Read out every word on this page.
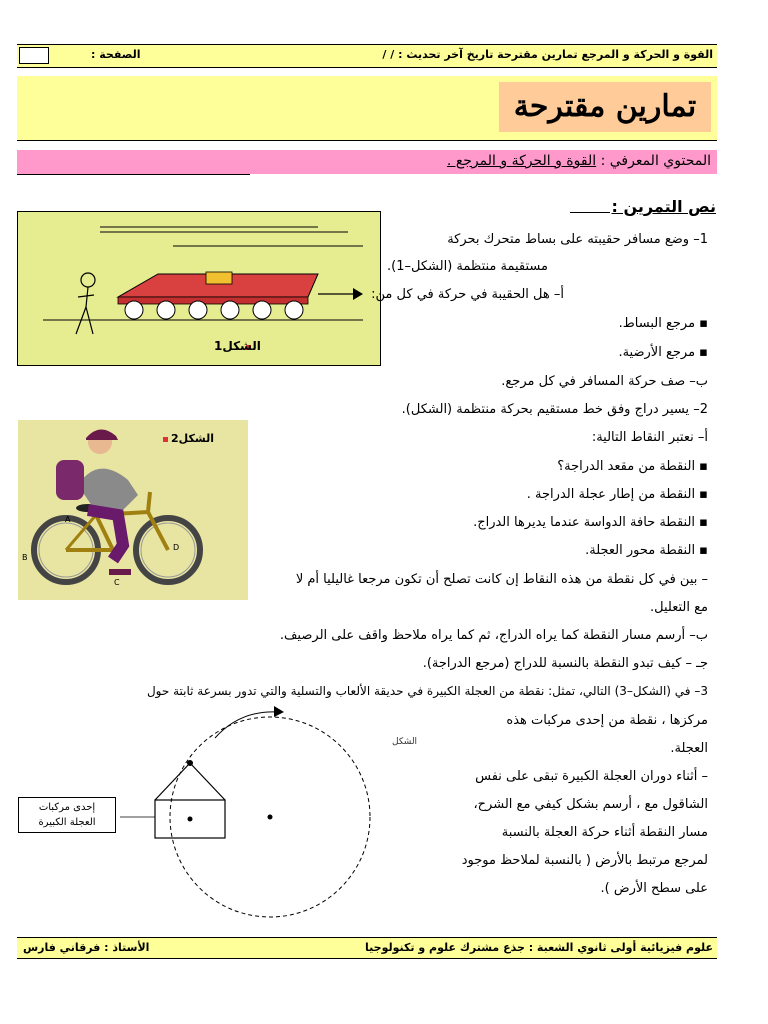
القوة و الحركة و المرجع تمارين مقترحة تاريخ آخر تحديث : / /
الصفحة :
تمارين مقترحة
المحتوي المعرفي : القوة و الحركة و المرجع .
نص التمرين :
الشكل1
الشكل2
A
B
C
D
1– وضع مسافر حقيبته على بساط متحرك بحركة
مستقيمة منتظمة (الشكل–1).
أ– هل الحقيبة في حركة في كل من:
▪ مرجع البساط.
▪ مرجع الأرضية.
ب– صف حركة المسافر في كل مرجع.
2– يسير دراج وفق خط مستقيم بحركة منتظمة (الشكل).
أ– نعتبر النقاط التالية:
▪ النقطة من مقعد الدراجة؟
▪ النقطة من إطار عجلة الدراجة .
▪ النقطة حافة الدواسة عندما يديرها الدراج.
▪ النقطة محور العجلة.
– بين في كل نقطة من هذه النقاط إن كانت تصلح أن تكون مرجعا غاليليا أم لا
مع التعليل.
ب– أرسم مسار النقطة كما يراه الدراج، ثم كما يراه ملاحظ واقف على الرصيف.
جـ – كيف تبدو النقطة بالنسبة للدراج (مرجع الدراجة).
3– في (الشكل–3) التالي، تمثل: نقطة من العجلة الكبيرة في حديقة الألعاب والتسلية والتي تدور بسرعة ثابتة حول
مركزها ، نقطة من إحدى مركبات هذه
العجلة.
– أثناء دوران العجلة الكبيرة تبقى على نفس
الشاقول مع ، أرسم بشكل كيفي مع الشرح،
مسار النقطة أثناء حركة العجلة بالنسبة
لمرجع مرتبط بالأرض ( بالنسبة لملاحظ موجود
على سطح الأرض ).
الشكل
إحدى مركبات
العجلة الكبيرة
علوم فيزيائية أولى ثانوي الشعبة : جذع مشترك علوم و تكنولوجيا
الأستاذ : فرقاني فارس
